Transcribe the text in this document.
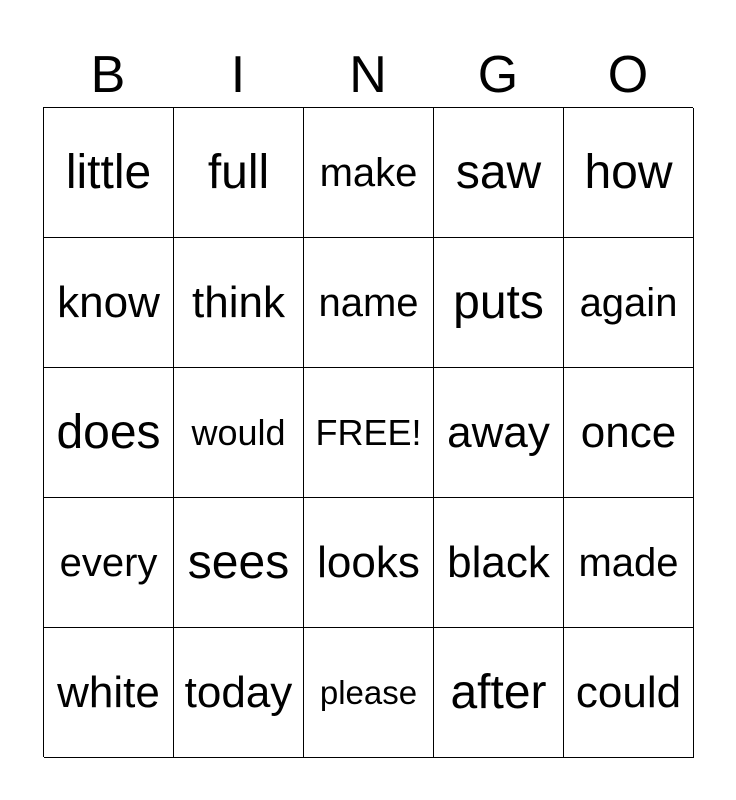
B	I	N	G	O
little	full	make saw how
know think name puts again
does would FREE! away once
every sees looks black made
white today please after could
